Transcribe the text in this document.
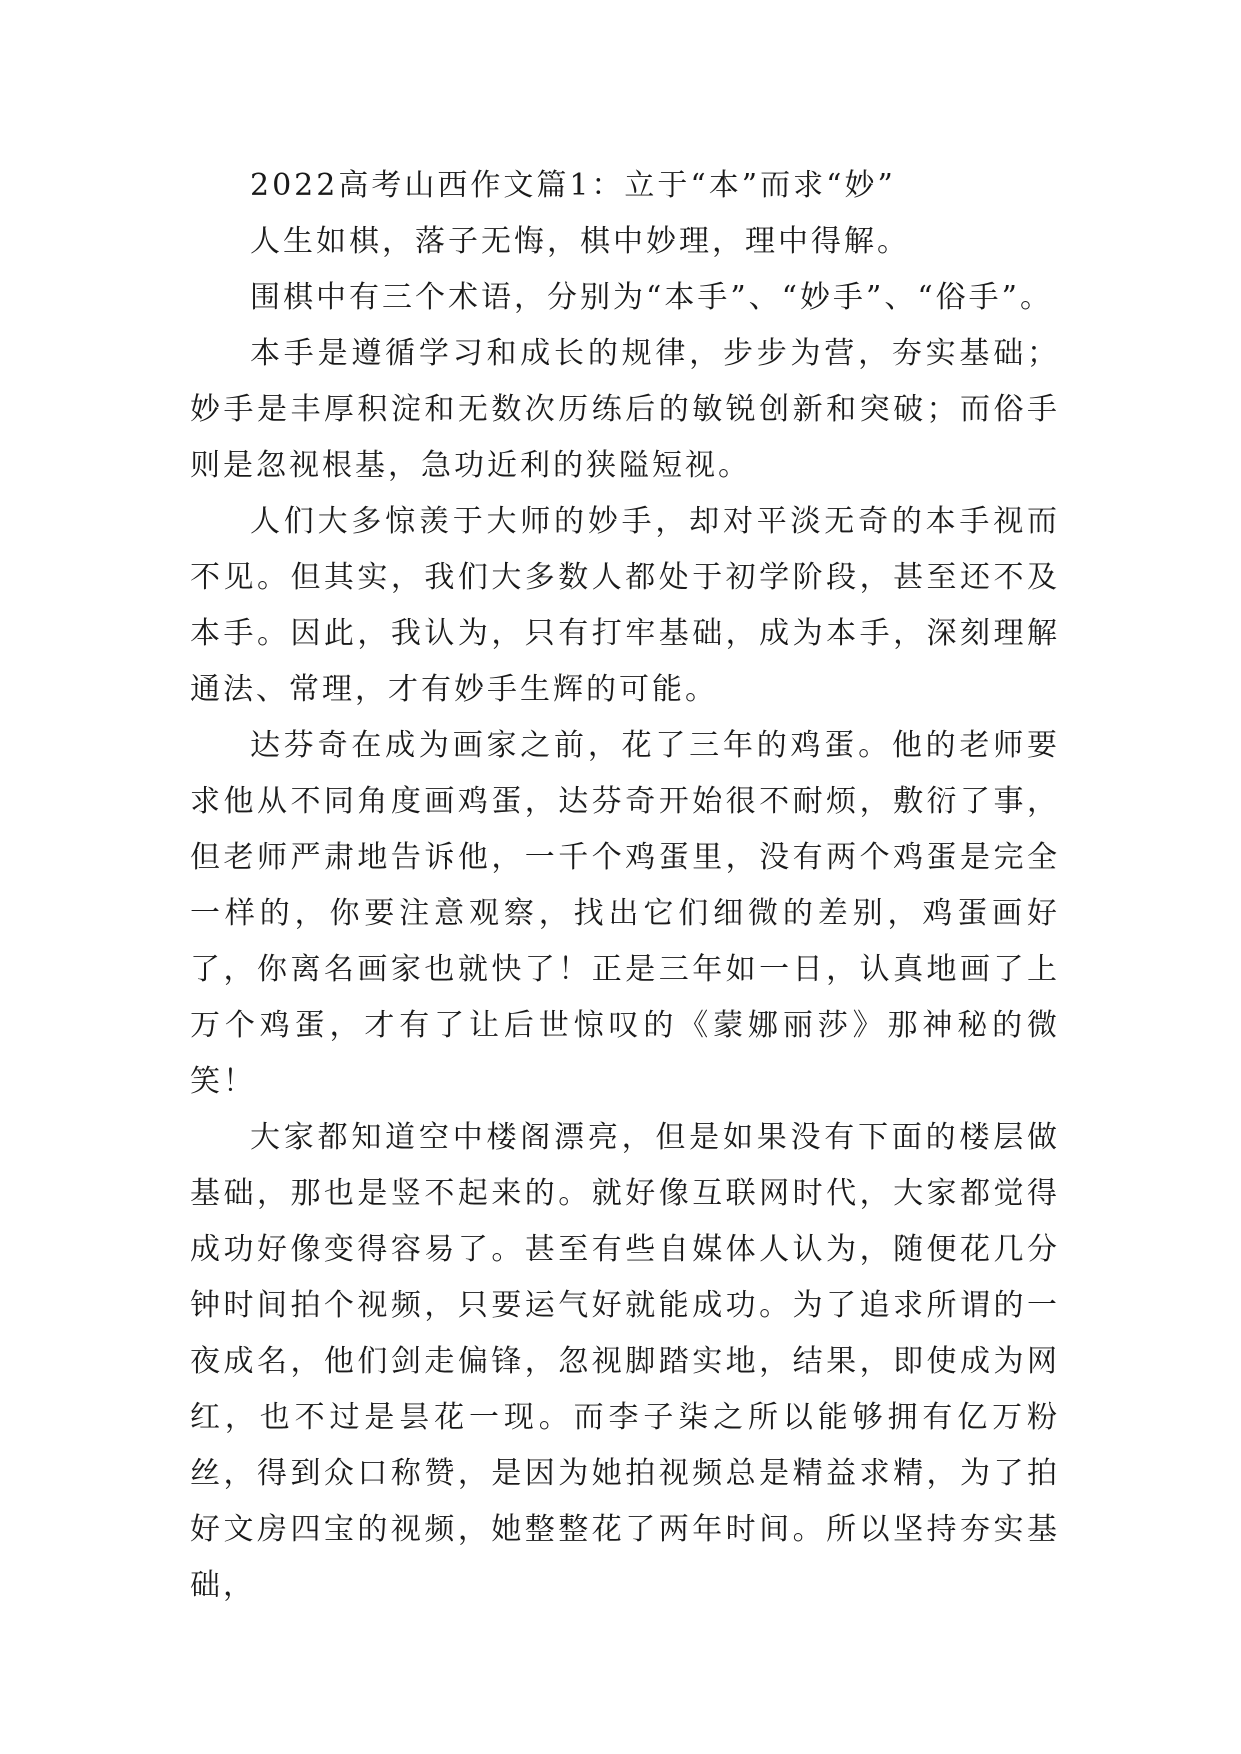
2022高考山西作文篇1：立于“本”而求“妙”

人生如棋，落子无悔，棋中妙理，理中得解。

围棋中有三个术语，分别为“本手”、“妙手”、“俗手”。

本手是遵循学习和成长的规律，步步为营，夯实基础；妙手是丰厚积淀和无数次历练后的敏锐创新和突破；而俗手则是忽视根基，急功近利的狭隘短视。

人们大多惊羡于大师的妙手，却对平淡无奇的本手视而不见。但其实，我们大多数人都处于初学阶段，甚至还不及本手。因此，我认为，只有打牢基础，成为本手，深刻理解通法、常理，才有妙手生辉的可能。

达芬奇在成为画家之前，花了三年的鸡蛋。他的老师要求他从不同角度画鸡蛋，达芬奇开始很不耐烦，敷衍了事，但老师严肃地告诉他，一千个鸡蛋里，没有两个鸡蛋是完全一样的，你要注意观察，找出它们细微的差别，鸡蛋画好了，你离名画家也就快了！正是三年如一日，认真地画了上万个鸡蛋，才有了让后世惊叹的《蒙娜丽莎》那神秘的微笑！

大家都知道空中楼阁漂亮，但是如果没有下面的楼层做基础，那也是竖不起来的。就好像互联网时代，大家都觉得成功好像变得容易了。甚至有些自媒体人认为，随便花几分钟时间拍个视频，只要运气好就能成功。为了追求所谓的一夜成名，他们剑走偏锋，忽视脚踏实地，结果，即使成为网红，也不过是昙花一现。而李子柒之所以能够拥有亿万粉丝，得到众口称赞，是因为她拍视频总是精益求精，为了拍好文房四宝的视频，她整整花了两年时间。所以坚持夯实基础，
